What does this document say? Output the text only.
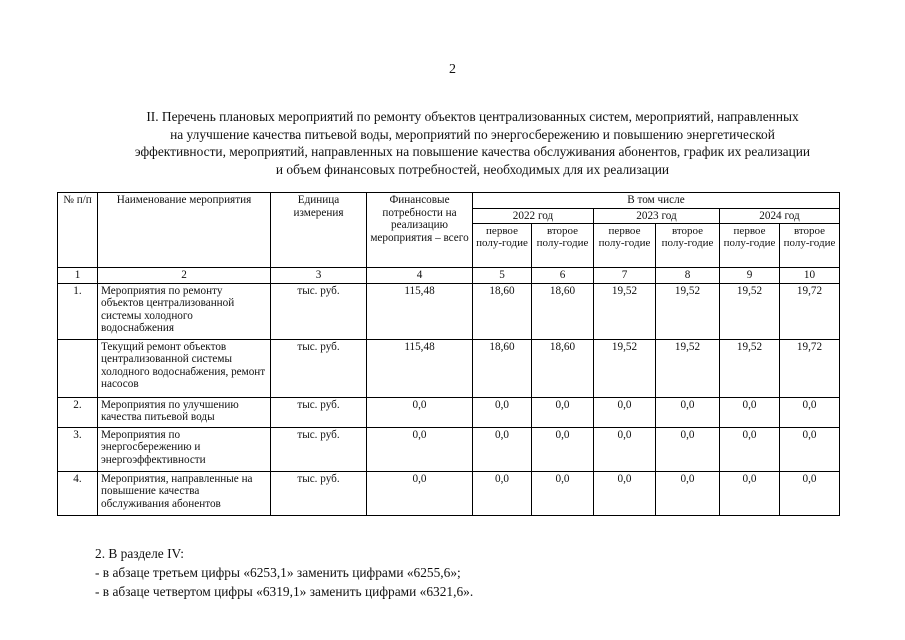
2
II. Перечень плановых мероприятий по ремонту объектов централизованных систем, мероприятий, направленных
на улучшение качества питьевой воды, мероприятий по энергосбережению и повышению энергетической
эффективности, мероприятий, направленных на повышение качества обслуживания абонентов, график их реализации
и объем финансовых потребностей, необходимых для их реализации
№ п/п	Наименование мероприятия	Единица измерения	Финансовые потребности на реализацию мероприятия – всего	В том числе					
				2022 год		2023 год		2024 год	
				первое полу-годие	второе полу-годие	первое полу-годие	второе полу-годие	первое полу-годие	второе полу-годие
1	2	3	4	5	6	7	8	9	10
1.	Мероприятия по ремонту объектов централизованной системы холодного водоснабжения	тыс. руб.	115,48	18,60	18,60	19,52	19,52	19,52	19,72
	Текущий ремонт объектов централизованной системы холодного водоснабжения, ремонт насосов	тыс. руб.	115,48	18,60	18,60	19,52	19,52	19,52	19,72
2.	Мероприятия по улучшению качества питьевой воды	тыс. руб.	0,0	0,0	0,0	0,0	0,0	0,0	0,0
3.	Мероприятия по энергосбережению и энергоэффективности	тыс. руб.	0,0	0,0	0,0	0,0	0,0	0,0	0,0
4.	Мероприятия, направленные на повышение качества обслуживания абонентов	тыс. руб.	0,0	0,0	0,0	0,0	0,0	0,0	0,0
2. В разделе IV:
- в абзаце третьем цифры «6253,1» заменить цифрами «6255,6»;
- в абзаце четвертом цифры «6319,1» заменить цифрами «6321,6».
